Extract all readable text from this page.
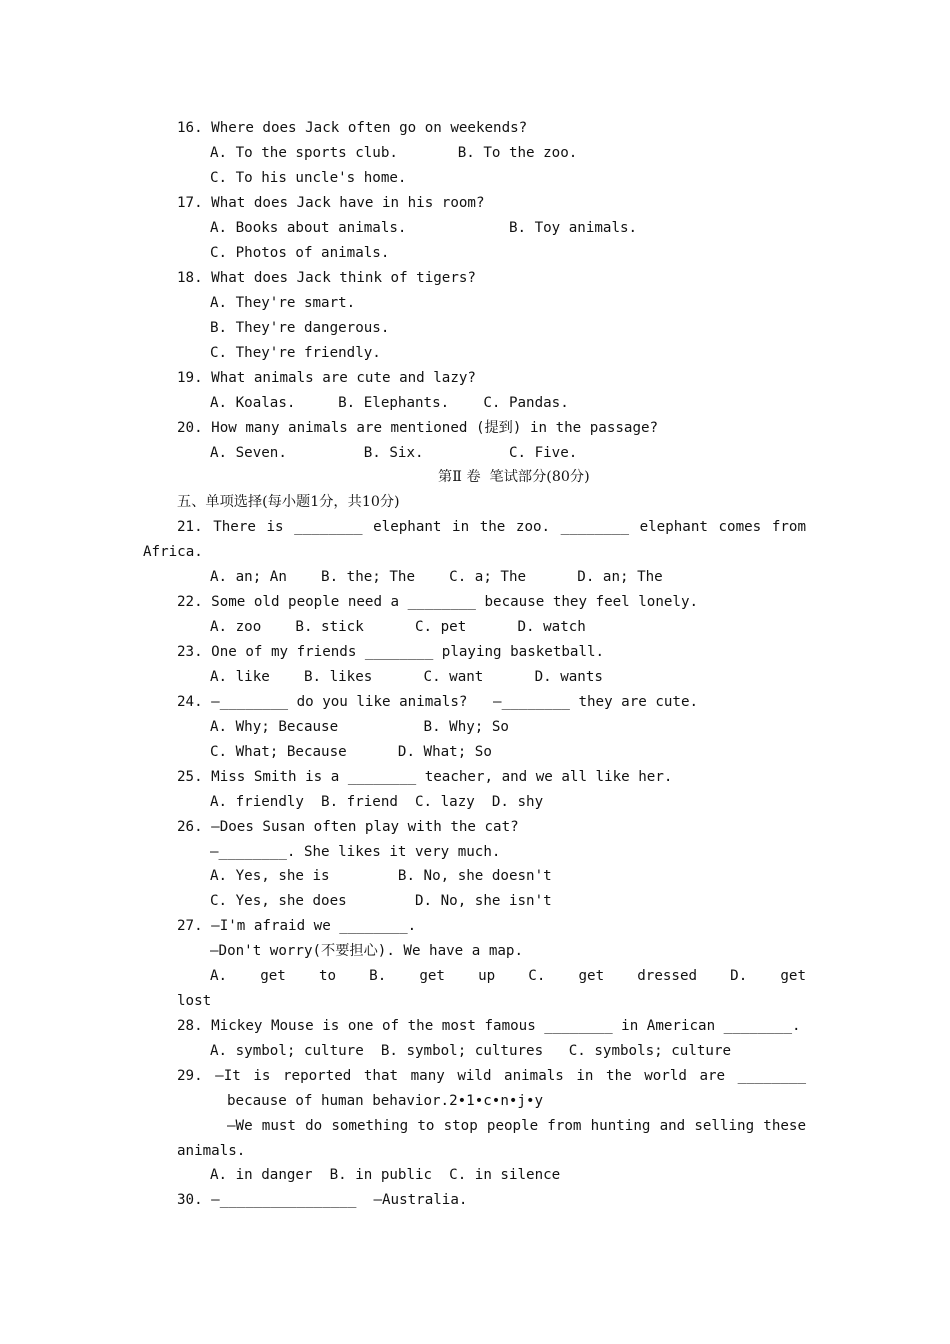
16. Where does Jack often go on weekends?
A. To the sports club.       B. To the zoo.
C. To his uncle's home.
17. What does Jack have in his room?
A. Books about animals.            B. Toy animals.
C. Photos of animals.
18. What does Jack think of tigers?
A. They're smart.
B. They're dangerous.
C. They're friendly.
19. What animals are cute and lazy?
A. Koalas.     B. Elephants.    C. Pandas.
20. How many animals are mentioned (提到) in the passage?
A. Seven.         B. Six.          C. Five.
第Ⅱ 卷  笔试部分(80分)
五、单项选择(每小题1分，共10分)
21. There is ________ elephant in the zoo. ________ elephant comes from
Africa.
A. an; An    B. the; The    C. a; The      D. an; The
22. Some old people need a ________ because they feel lonely.
A. zoo    B. stick      C. pet      D. watch
23. One of my friends ________ playing basketball.
A. like    B. likes      C. want      D. wants
24. —________ do you like animals?   —________ they are cute.
A. Why; Because          B. Why; So
C. What; Because      D. What; So
25. Miss Smith is a ________ teacher, and we all like her.
A. friendly  B. friend  C. lazy  D. shy
26. —Does Susan often play with the cat?
—________. She likes it very much.
A. Yes, she is        B. No, she doesn't
C. Yes, she does        D. No, she isn't
27. —I'm afraid we ________.
—Don't worry(不要担心). We have a map.
A. get to B. get up C. get dressed D. get
lost
28. Mickey Mouse is one of the most famous ________ in American ________.
A. symbol; culture  B. symbol; cultures   C. symbols; culture
29. —It is reported that many wild animals in the world are ________
because of human behavior.2•1•c•n•j•y
—We must do something to stop people from hunting and selling these
animals.
A. in danger  B. in public  C. in silence
30. —________________  —Australia.
